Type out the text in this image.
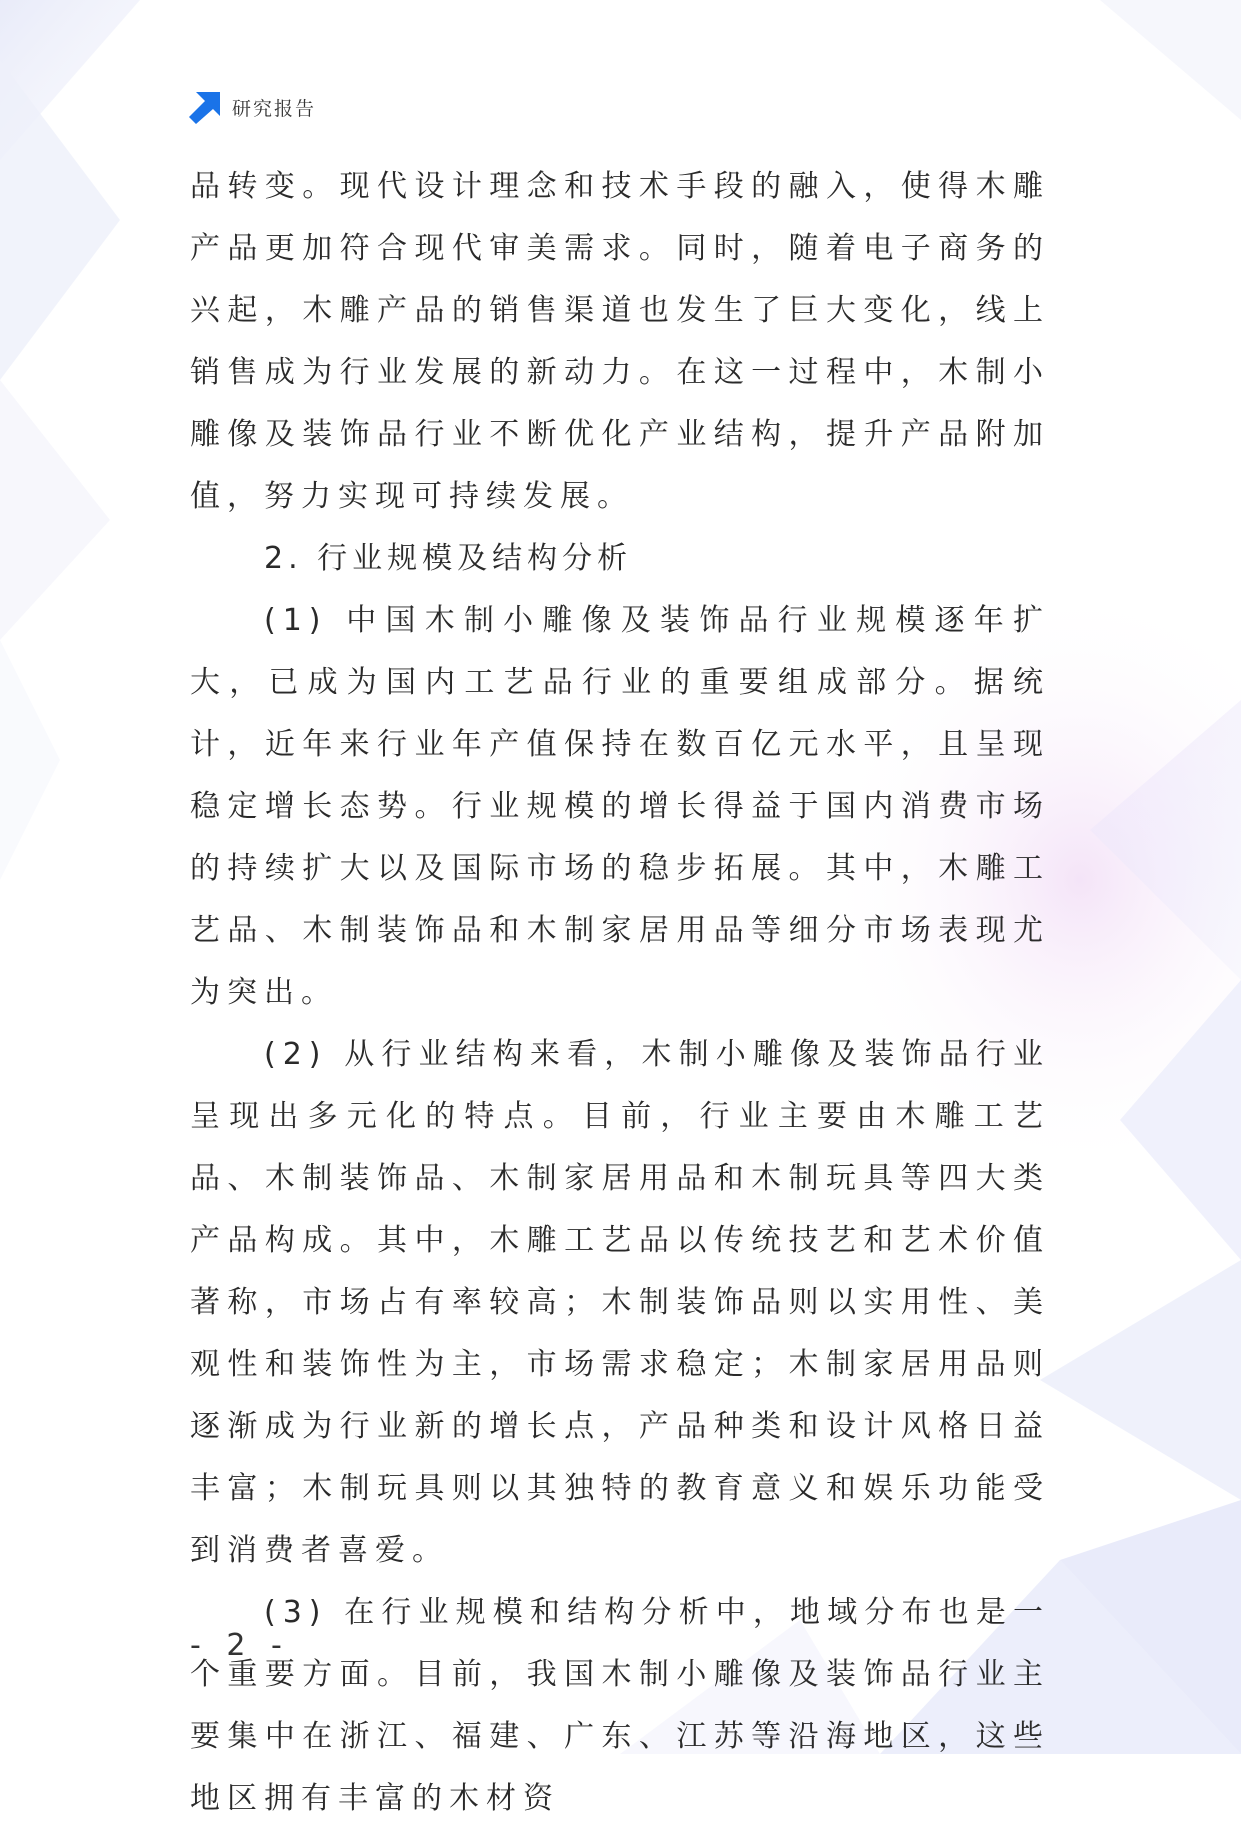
研究报告

品转变。现代设计理念和技术手段的融入，使得木雕产品更加符合现代审美需求。同时，随着电子商务的兴起，木雕产品的销售渠道也发生了巨大变化，线上销售成为行业发展的新动力。在这一过程中，木制小雕像及装饰品行业不断优化产业结构，提升产品附加值，努力实现可持续发展。

2. 行业规模及结构分析

(1) 中国木制小雕像及装饰品行业规模逐年扩大，已成为国内工艺品行业的重要组成部分。据统计，近年来行业年产值保持在数百亿元水平，且呈现稳定增长态势。行业规模的增长得益于国内消费市场的持续扩大以及国际市场的稳步拓展。其中，木雕工艺品、木制装饰品和木制家居用品等细分市场表现尤为突出。

(2) 从行业结构来看，木制小雕像及装饰品行业呈现出多元化的特点。目前，行业主要由木雕工艺品、木制装饰品、木制家居用品和木制玩具等四大类产品构成。其中，木雕工艺品以传统技艺和艺术价值著称，市场占有率较高；木制装饰品则以实用性、美观性和装饰性为主，市场需求稳定；木制家居用品则逐渐成为行业新的增长点，产品种类和设计风格日益丰富；木制玩具则以其独特的教育意义和娱乐功能受到消费者喜爱。

(3) 在行业规模和结构分析中，地域分布也是一个重要方面。目前，我国木制小雕像及装饰品行业主要集中在浙江、福建、广东、江苏等沿海地区，这些地区拥有丰富的木材资

- 2 -
